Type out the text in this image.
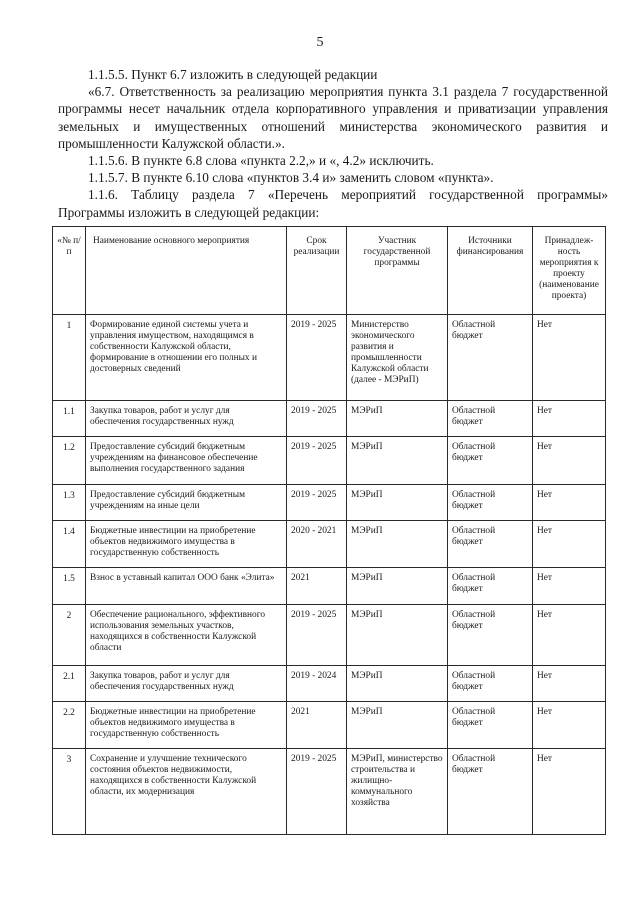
5

1.1.5.5. Пункт 6.7 изложить в следующей редакции

«6.7. Ответственность за реализацию мероприятия пункта 3.1 раздела 7 государственной программы несет начальник отдела корпоративного управления и приватизации управления земельных и имущественных отношений министерства экономического развития и промышленности Калужской области.».

1.1.5.6. В пункте 6.8 слова «пункта 2.2,» и «, 4.2» исключить.

1.1.5.7. В пункте 6.10 слова «пунктов 3.4 и» заменить словом «пункта».

1.1.6. Таблицу раздела 7 «Перечень мероприятий государственной программы» Программы изложить в следующей редакции:

«№ п/п	Наименование основного мероприятия	Срок реализации	Участник государственной программы	Источники финансирования	Принадлеж-ность мероприятия к проекту (наименование проекта)
1	Формирование единой системы учета и управления имуществом, находящимся в собственности Калужской области, формирование в отношении его полных и достоверных сведений	2019 - 2025	Министерство экономического развития и промышленности Калужской области (далее - МЭРиП)	Областной бюджет	Нет
1.1	Закупка товаров, работ и услуг для обеспечения государственных нужд	2019 - 2025	МЭРиП	Областной бюджет	Нет
1.2	Предоставление субсидий бюджетным учреждениям на финансовое обеспечение выполнения государственного задания	2019 - 2025	МЭРиП	Областной бюджет	Нет
1.3	Предоставление субсидий бюджетным учреждениям на иные цели	2019 - 2025	МЭРиП	Областной бюджет	Нет
1.4	Бюджетные инвестиции на приобретение объектов недвижимого имущества в государственную собственность	2020 - 2021	МЭРиП	Областной бюджет	Нет
1.5	Взнос в уставный капитал ООО банк «Элита»	2021	МЭРиП	Областной бюджет	Нет
2	Обеспечение рационального, эффективного использования земельных участков, находящихся в собственности Калужской области	2019 - 2025	МЭРиП	Областной бюджет	Нет
2.1	Закупка товаров, работ и услуг для обеспечения государственных нужд	2019 - 2024	МЭРиП	Областной бюджет	Нет
2.2	Бюджетные инвестиции на приобретение объектов недвижимого имущества в государственную собственность	2021	МЭРиП	Областной бюджет	Нет
3	Сохранение и улучшение технического состояния объектов недвижимости, находящихся в собственности Калужской области, их модернизация	2019 - 2025	МЭРиП, министерство строительства и жилищно-коммунального хозяйства	Областной бюджет	Нет
